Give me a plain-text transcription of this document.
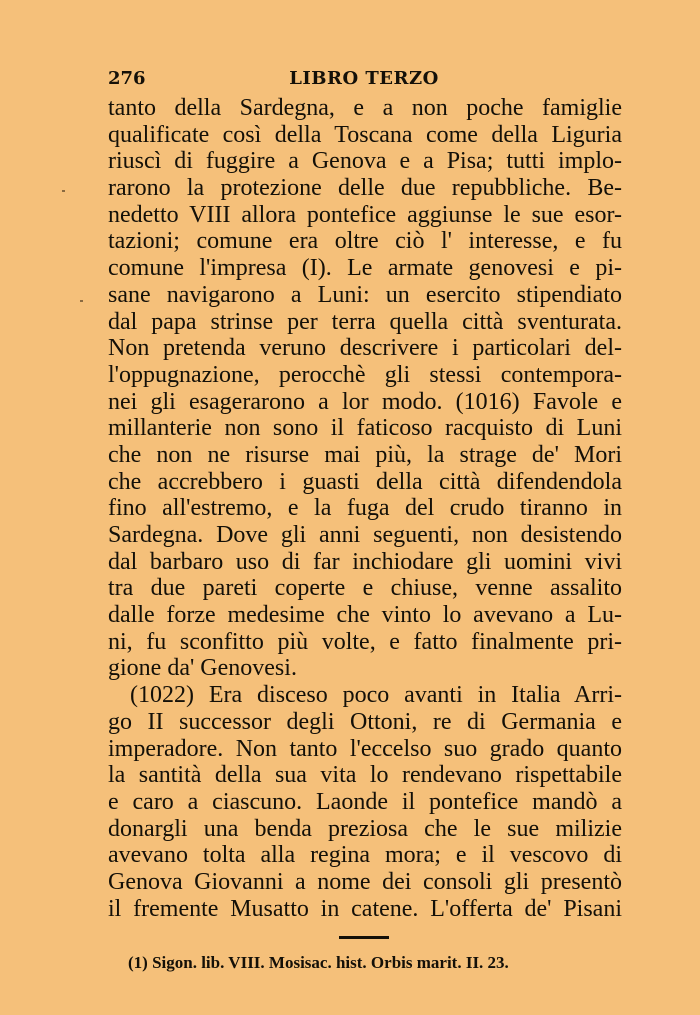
276	LIBRO TERZO
tanto della Sardegna, e a non poche famiglie
qualificate così della Toscana come della Liguria
riuscì di fuggire a Genova e a Pisa; tutti implo-
rarono la protezione delle due repubbliche. Be-
nedetto VIII allora pontefice aggiunse le sue esor-
tazioni; comune era oltre ciò l' interesse, e fu
comune l'impresa (I). Le armate genovesi e pi-
sane navigarono a Luni: un esercito stipendiato
dal papa strinse per terra quella città sventurata.
Non pretenda veruno descrivere i particolari del-
l'oppugnazione, perocchè gli stessi contempora-
nei gli esagerarono a lor modo. (1016) Favole e
millanterie non sono il faticoso racquisto di Luni
che non ne risurse mai più, la strage de' Mori
che accrebbero i guasti della città difendendola
fino all'estremo, e la fuga del crudo tiranno in
Sardegna. Dove gli anni seguenti, non desistendo
dal barbaro uso di far inchiodare gli uomini vivi
tra due pareti coperte e chiuse, venne assalito
dalle forze medesime che vinto lo avevano a Lu-
ni, fu sconfitto più volte, e fatto finalmente pri-
gione da' Genovesi.
(1022) Era disceso poco avanti in Italia Arri-
go II successor degli Ottoni, re di Germania e
imperadore. Non tanto l'eccelso suo grado quanto
la santità della sua vita lo rendevano rispettabile
e caro a ciascuno. Laonde il pontefice mandò a
donargli una benda preziosa che le sue milizie
avevano tolta alla regina mora; e il vescovo di
Genova Giovanni a nome dei consoli gli presentò
il fremente Musatto in catene. L'offerta de' Pisani
(1) Sigon. lib. VIII. Mosisac. hist. Orbis marit. II. 23.
